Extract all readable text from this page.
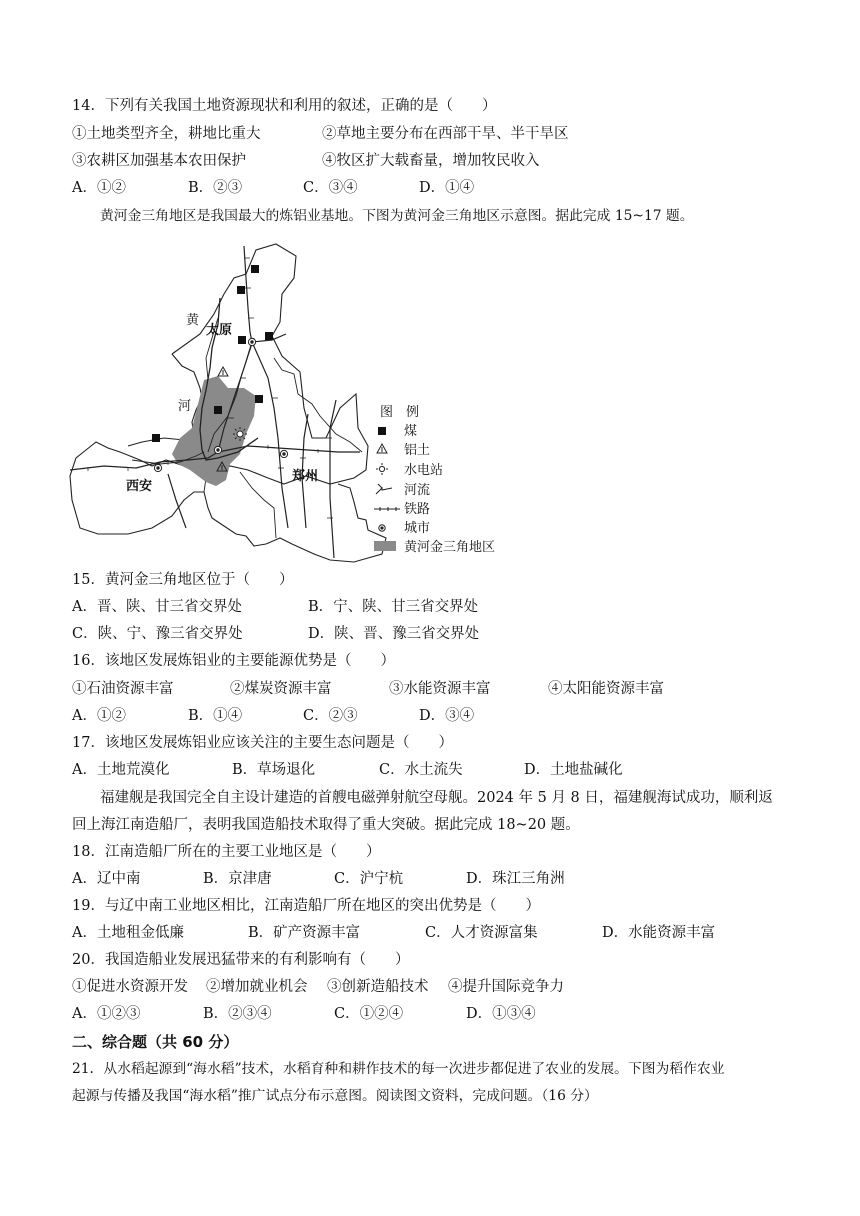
14．下列有关我国土地资源现状和利用的叙述，正确的是（　　）
①土地类型齐全，耕地比重大	②草地主要分布在西部干旱、半干旱区
③农耕区加强基本农田保护	④牧区扩大载畜量，增加牧民收入
A．①②	B．②③	C．③④	D．①④
黄河金三角地区是我国最大的炼铝业基地。下图为黄河金三角地区示意图。据此完成 15~17 题。
太原
西安
郑州
黄
河	图　例
煤
铝土
水电站
河流
铁路
城市
黄河金三角地区
15．黄河金三角地区位于（　　）
A．晋、陕、甘三省交界处	B．宁、陕、甘三省交界处
C．陕、宁、豫三省交界处	D．陕、晋、豫三省交界处
16．该地区发展炼铝业的主要能源优势是（　　）
①石油资源丰富	②煤炭资源丰富	③水能资源丰富	④太阳能资源丰富
A．①②	B．①④	C．②③	D．③④
17．该地区发展炼铝业应该关注的主要生态问题是（　　）
A．土地荒漠化	B．草场退化	C．水土流失	D．土地盐碱化
福建舰是我国完全自主设计建造的首艘电磁弹射航空母舰。2024 年 5 月 8 日，福建舰海试成功，顺利返
回上海江南造船厂，表明我国造船技术取得了重大突破。据此完成 18~20 题。
18．江南造船厂所在的主要工业地区是（　　）
A．辽中南	B．京津唐	C．沪宁杭	D．珠江三角洲
19．与辽中南工业地区相比，江南造船厂所在地区的突出优势是（　　）
A．土地租金低廉	B．矿产资源丰富	C．人才资源富集	D．水能资源丰富
20．我国造船业发展迅猛带来的有利影响有（　　）
①促进水资源开发 ②增加就业机会 ③创新造船技术 ④提升国际竞争力
A．①②③	B．②③④	C．①②④	D．①③④
二、综合题（共 60 分）
21．从水稻起源到“海水稻”技术，水稻育种和耕作技术的每一次进步都促进了农业的发展。下图为稻作农业
起源与传播及我国“海水稻”推广试点分布示意图。阅读图文资料，完成问题。（16 分）
